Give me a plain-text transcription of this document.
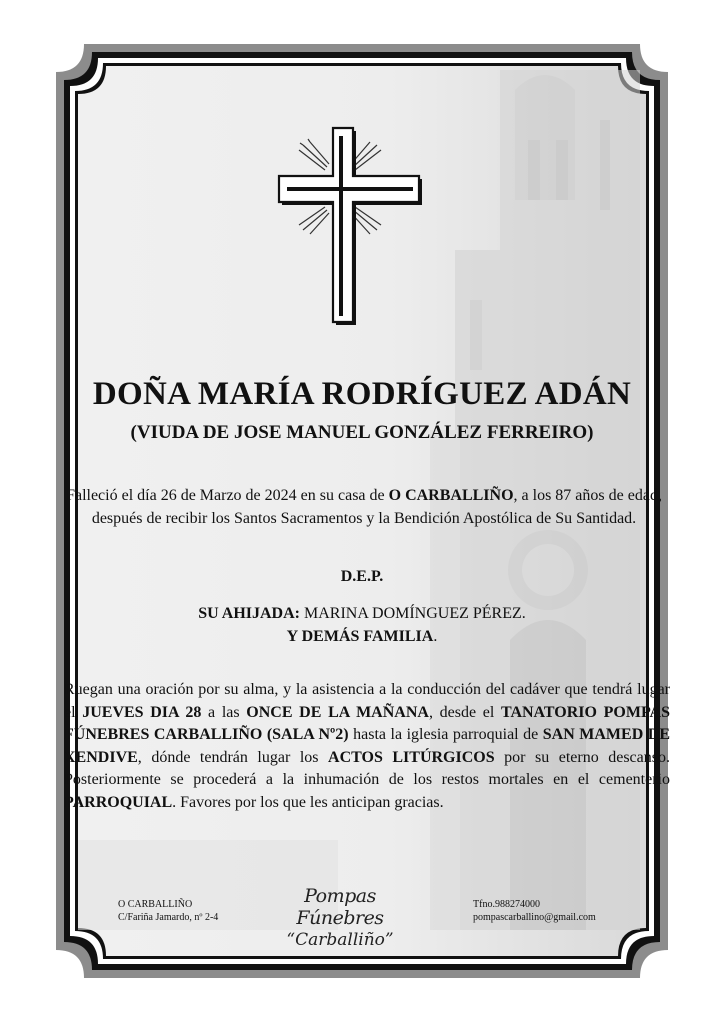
DOÑA MARÍA RODRÍGUEZ ADÁN
(VIUDA DE JOSE MANUEL GONZÁLEZ FERREIRO)
Falleció el día 26 de Marzo de 2024 en su casa de O CARBALLIÑO, a los 87 años de edad, después de recibir los Santos Sacramentos y la Bendición Apostólica de Su Santidad.
D.E.P.
SU AHIJADA: MARINA DOMÍNGUEZ PÉREZ.
Y DEMÁS FAMILIA.
Ruegan una oración por su alma, y la asistencia a la conducción del cadáver que tendrá lugar el JUEVES DIA 28 a las ONCE DE LA MAÑANA, desde el TANATORIO POMPAS FÚNEBRES CARBALLIÑO (SALA Nº2) hasta la iglesia parroquial de SAN MAMED DE XENDIVE, dónde tendrán lugar los ACTOS LITÚRGICOS por su eterno descanso. Posteriormente se procederá a la inhumación de los restos mortales en el cementerio PARROQUIAL. Favores por los que les anticipan gracias.
O CARBALLIÑO
C/Fariña Jamardo, nº 2-4
Pompas Fúnebres
“Carballiño”
Tfno.988274000
pompascarballino@gmail.com
